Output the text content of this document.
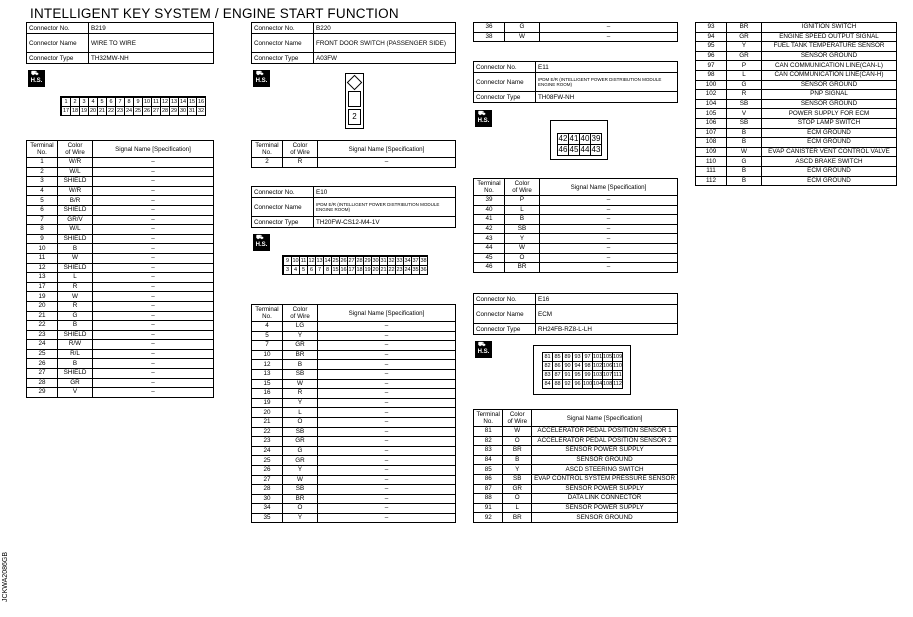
INTELLIGENT KEY SYSTEM / ENGINE START FUNCTION
JCKWA2086GB
Connector No.	B219
Connector Name	WIRE TO WIRE
Connector Type	TH32MW-NH
⛟
H.S.
1	2	3	4	5	6	7	8	9 10 11 12 13 14 15 16
17 18 19 20 21 22 23 24 25 26 27 28 29 30 31 32
Terminal
No.	Color
of Wire	Signal Name [Specification]
1	W/R	–
2	W/L	–
3	SHIELD	–
4	W/R	–
5	B/R	–
6	SHIELD	–
7	GR/V	–
8	W/L	–
9	SHIELD	–
10	B	–
11	W	–
12	SHIELD	–
13	L	–
17	R	–
19	W	–
20	R	–
21	G	–
22	B	–
23	SHIELD	–
24	R/W	–
25	R/L	–
26	B	–
27	SHIELD	–
28	GR	–
29	V	–
Connector No.	B220
Connector Name	FRONT DOOR SWITCH (PASSENGER SIDE)
Connector Type	A03FW
⛟
H.S.
2
Terminal
No.	Color
of Wire	Signal Name [Specification]
2	R	–
Connector No.	E10
Connector Name	IPDM E/R (INTELLIGENT POWER DISTRIBUTION MODULE
ENGINE ROOM)

Connector Type	TH20FW-CS12-M4-1V
⛟
H.S.
9 10 11 12 13 14 25 26 27 28 29 30 31 32 33 34 37 38
3 4 5 6 7 8 15 16 17 18 19 20 21 22 23 24 35 36
Terminal
No.	Color
of Wire	Signal Name [Specification]
4	LG	–
5	Y	–
7	GR	–
10	BR	–
12	B	–
13	SB	–
15	W	–
16	R	–
19	Y	–
20	L	–
21	O	–
22	SB	–
23	GR	–
24	G	–
25	GR	–
26	Y	–
27	W	–
28	SB	–
30	BR	–
34	O	–
35	Y	–
36	G	–
38	W	–
Connector No.	E11
Connector Name	IPDM E/R (INTELLIGENT POWER DISTRIBUTION MODULE
ENGINE ROOM)

Connector Type	TH08FW-NH
⛟
H.S.
42 41 40 39
46 45 44 43
Terminal
No.	Color
of Wire	Signal Name [Specification]
39	P	–
40	L	–
41	B	–
42	SB	–
43	Y	–
44	W	–
45	O	–
46	BR	–
Connector No.	E16
Connector Name	ECM
Connector Type	RH24FB-RZ8-L-LH
⛟
H.S.
81 85 89 93 97 101 105 109
82 86 90 94 98 102 106 110
83 87 91 95 99 103 107 111
84 88 92 96 100 104 108 112
Terminal
No.	Color
of Wire	Signal Name [Specification]
81	W	ACCELERATOR PEDAL POSITION SENSOR 1
82	O	ACCELERATOR PEDAL POSITION SENSOR 2
83	BR	SENSOR POWER SUPPLY
84	B	SENSOR GROUND
85	Y	ASCD STEERING SWITCH
86	SB	EVAP CONTROL SYSTEM PRESSURE SENSOR
87	GR	SENSOR POWER SUPPLY
88	O	DATA LINK CONNECTOR
91	L	SENSOR POWER SUPPLY
92	BR	SENSOR GROUND
93	BR	IGNITION SWITCH
94	GR	ENGINE SPEED OUTPUT SIGNAL
95	Y	FUEL TANK TEMPERATURE SENSOR
96	GR	SENSOR GROUND
97	P	CAN COMMUNICATION LINE(CAN-L)
98	L	CAN COMMUNICATION LINE(CAN-H)
100	G	SENSOR GROUND
102	R	PNP SIGNAL
104	SB	SENSOR GROUND
105	V	POWER SUPPLY FOR ECM
106	SB	STOP LAMP SWITCH
107	B	ECM GROUND
108	B	ECM GROUND
109	W	EVAP CANISTER VENT CONTROL VALVE
110	G	ASCD BRAKE SWITCH
111	B	ECM GROUND
112	B	ECM GROUND
